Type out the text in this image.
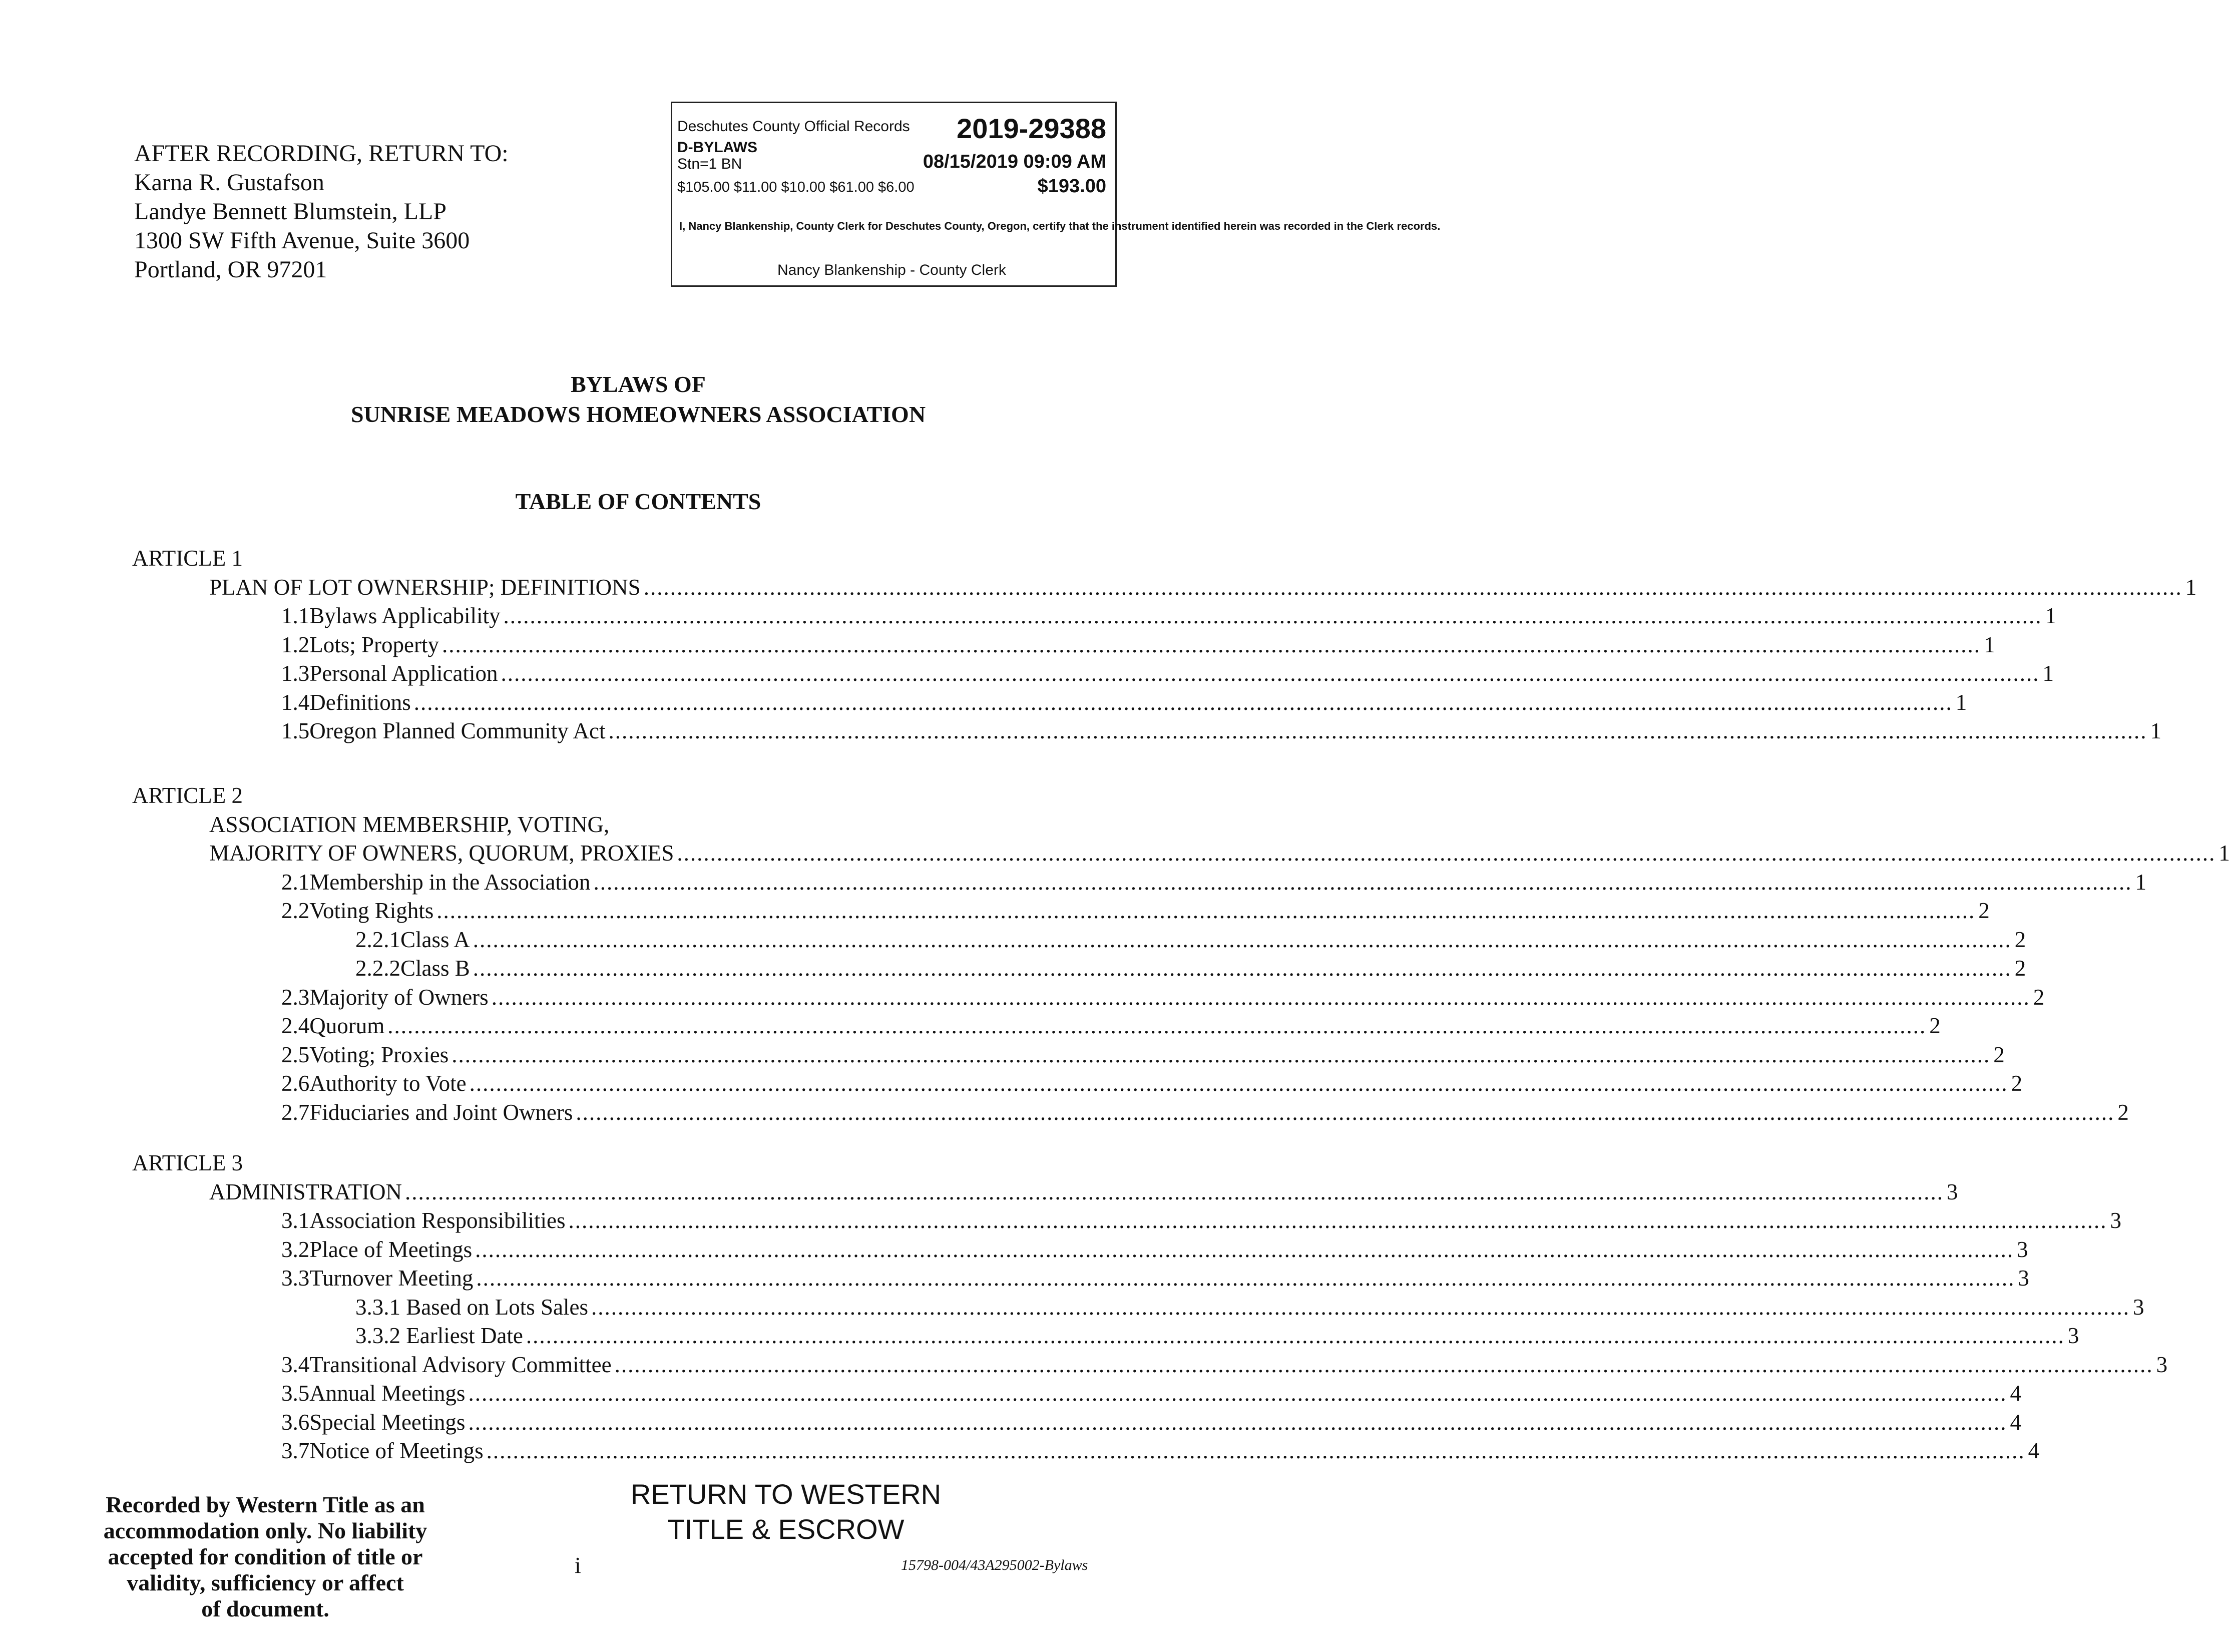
AFTER RECORDING, RETURN TO:
Karna R. Gustafson
Landye Bennett Blumstein, LLP
1300 SW Fifth Avenue, Suite 3600
Portland, OR 97201
Deschutes County Official Records 2019-29388
D-BYLAWS
Stn=1 BN	08/15/2019 09:09 AM
$105.00 $11.00 $10.00 $61.00 $6.00	$193.00
I, Nancy Blankenship, County Clerk for Deschutes County, Oregon, certify that the instrument identified herein was recorded in the Clerk records.
Nancy Blankenship - County Clerk
BYLAWS OF
SUNRISE MEADOWS HOMEOWNERS ASSOCIATION
TABLE OF CONTENTS
ARTICLE 1
PLAN OF LOT OWNERSHIP; DEFINITIONS .....	1
1.1 Bylaws Applicability .....	1
1.2 Lots; Property .....	1
1.3 Personal Application .....	1
1.4 Definitions .....	1
1.5 Oregon Planned Community Act .....	1
ARTICLE 2
ASSOCIATION MEMBERSHIP, VOTING,
MAJORITY OF OWNERS, QUORUM, PROXIES .....	1
2.1 Membership in the Association .....	1
2.2 Voting Rights .....	2
2.2.1 Class A .....	2
2.2.2 Class B .....	2
2.3 Majority of Owners .....	2
2.4 Quorum .....	2
2.5 Voting; Proxies .....	2
2.6 Authority to Vote .....	2
2.7 Fiduciaries and Joint Owners .....	2
ARTICLE 3
ADMINISTRATION .....	3
3.1 Association Responsibilities .....	3
3.2 Place of Meetings .....	3
3.3 Turnover Meeting .....	3
3.3.1
Based on Lots Sales .....	3
3.3.2
Earliest Date .....	3
3.4 Transitional Advisory Committee .....	3
3.5 Annual Meetings .....	4
3.6 Special Meetings .....	4
3.7 Notice of Meetings .....	4
Recorded by Western Title as an
accommodation only. No liability
accepted for condition of title or
validity, sufficiency or affect
of document.
RETURN TO WESTERN
TITLE & ESCROW
i	15798-004/43A295002-Bylaws
